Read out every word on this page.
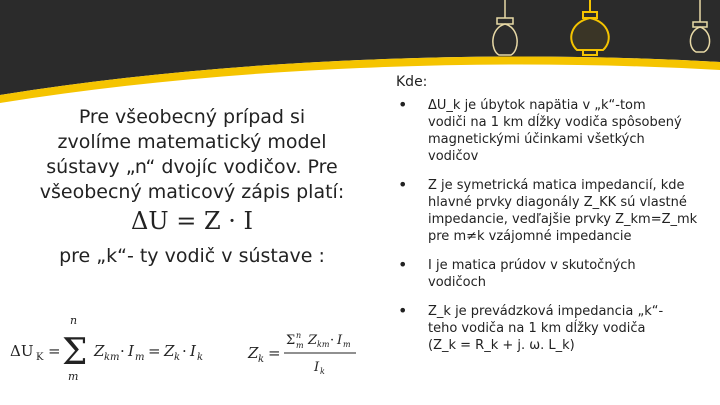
Pre všeobecný prípad si

zvolíme matematický model

sústavy „n“ dvojíc vodičov. Pre

všeobecný maticový zápis platí:

ΔU = Z · I
pre „k“- ty vodič v sústave :
ΔU K = Σ
n
m
Z km · I m = Z k · I k	Z k =
Σ n
m Z km · I m
I k
Kde:
• ΔU_k je úbytok napätia v „k“-tom
vodiči na 1 km dĺžky vodiča spôsobený
magnetickými účinkami všetkých
vodičov
• Z je symetrická matica impedancií, kde
hlavné prvky diagonály Z_KK sú vlastné
impedancie, vedľajšie prvky Z_km=Z_mk
pre m≠k vzájomné impedancie
• I je matica prúdov v skutočných
vodičoch
• Z_k je prevádzková impedancia „k“-
teho vodiča na 1 km dĺžky vodiča
(Z_k = R_k + j. ω. L_k)
